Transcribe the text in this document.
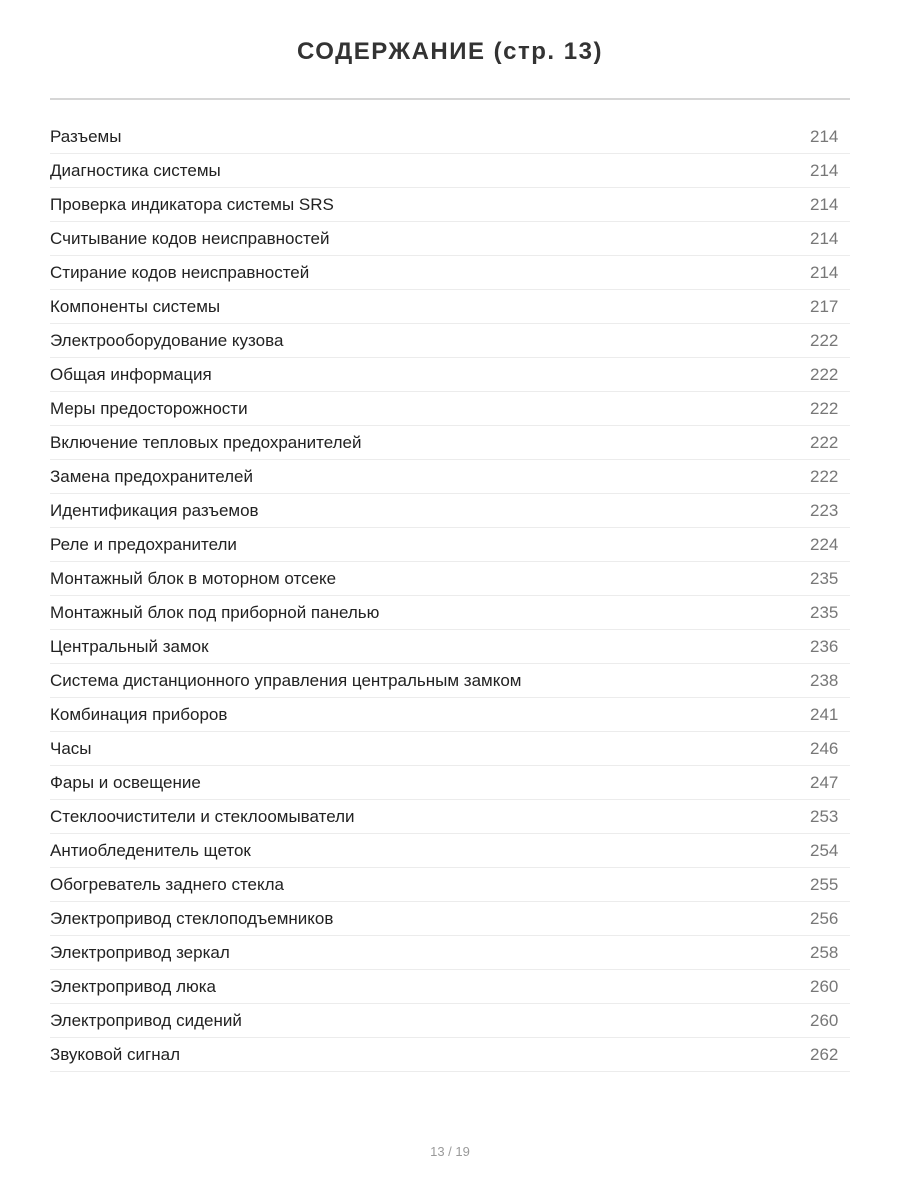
СОДЕРЖАНИЕ (стр. 13)
Разъемы	214
Диагностика системы	214
Проверка индикатора системы SRS	214
Считывание кодов неисправностей	214
Стирание кодов неисправностей	214
Компоненты системы	217
Электрооборудование кузова	222
Общая информация	222
Меры предосторожности	222
Включение тепловых предохранителей	222
Замена предохранителей	222
Идентификация разъемов	223
Реле и предохранители	224
Монтажный блок в моторном отсеке	235
Монтажный блок под приборной панелью	235
Центральный замок	236
Система дистанционного управления центральным замком	238
Комбинация приборов	241
Часы	246
Фары и освещение	247
Стеклоочистители и стеклоомыватели	253
Антиобледенитель щеток	254
Обогреватель заднего стекла	255
Электропривод стеклоподъемников	256
Электропривод зеркал	258
Электропривод люка	260
Электропривод сидений	260
Звуковой сигнал	262
13 / 19
